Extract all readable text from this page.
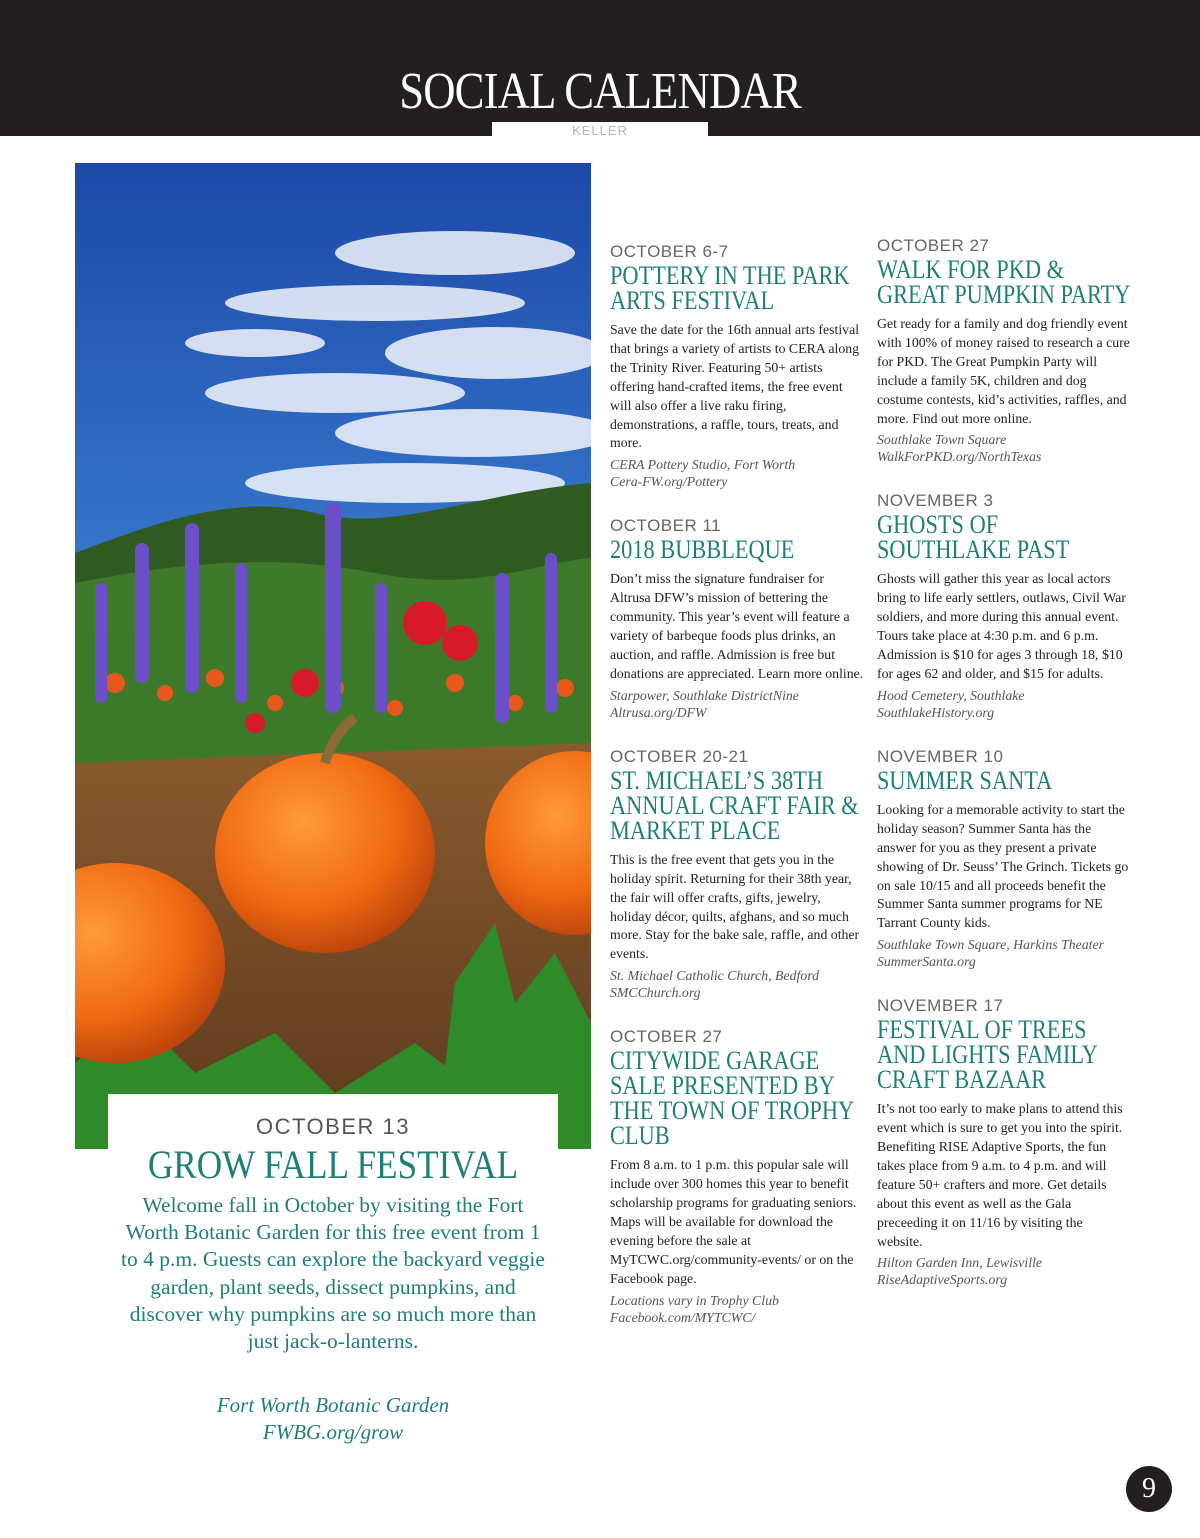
SOCIAL CALENDAR
KELLER
OCTOBER 13
GROW FALL FESTIVAL
Welcome fall in October by visiting the Fort Worth Botanic Garden for this free event from 1 to 4 p.m. Guests can explore the backyard veggie garden, plant seeds, dissect pumpkins, and discover why pumpkins are so much more than just jack-o-lanterns.
Fort Worth Botanic Garden
FWBG.org/grow
OCTOBER 6-7
POTTERY IN THE PARK ARTS FESTIVAL
Save the date for the 16th annual arts festival that brings a variety of artists to CERA along the Trinity River. Featuring 50+ artists offering hand-crafted items, the free event will also offer a live raku firing, demonstrations, a raffle, tours, treats, and more.
CERA Pottery Studio, Fort Worth
Cera-FW.org/Pottery
OCTOBER 11
2018 BUBBLEQUE
Don’t miss the signature fundraiser for Altrusa DFW’s mission of bettering the community. This year’s event will feature a variety of barbeque foods plus drinks, an auction, and raffle. Admission is free but donations are appreciated. Learn more online.
Starpower, Southlake DistrictNine
Altrusa.org/DFW
OCTOBER 20-21
ST. MICHAEL’S 38TH ANNUAL CRAFT FAIR & MARKET PLACE
This is the free event that gets you in the holiday spirit. Returning for their 38th year, the fair will offer crafts, gifts, jewelry, holiday décor, quilts, afghans, and so much more. Stay for the bake sale, raffle, and other events.
St. Michael Catholic Church, Bedford
SMCChurch.org
OCTOBER 27
CITYWIDE GARAGE SALE PRESENTED BY THE TOWN OF TROPHY CLUB
From 8 a.m. to 1 p.m. this popular sale will include over 300 homes this year to benefit scholarship programs for graduating seniors. Maps will be available for download the evening before the sale at MyTCWC.org/community-events/ or on the Facebook page.
Locations vary in Trophy Club
Facebook.com/MYTCWC/
OCTOBER 27
WALK FOR PKD & GREAT PUMPKIN PARTY
Get ready for a family and dog friendly event with 100% of money raised to research a cure for PKD. The Great Pumpkin Party will include a family 5K, children and dog costume contests, kid’s activities, raffles, and more. Find out more online.
Southlake Town Square
WalkForPKD.org/NorthTexas
NOVEMBER 3
GHOSTS OF SOUTHLAKE PAST
Ghosts will gather this year as local actors bring to life early settlers, outlaws, Civil War soldiers, and more during this annual event. Tours take place at 4:30 p.m. and 6 p.m. Admission is $10 for ages 3 through 18, $10 for ages 62 and older, and $15 for adults.
Hood Cemetery, Southlake
SouthlakeHistory.org
NOVEMBER 10
SUMMER SANTA
Looking for a memorable activity to start the holiday season? Summer Santa has the answer for you as they present a private showing of Dr. Seuss’ The Grinch. Tickets go on sale 10/15 and all proceeds benefit the Summer Santa summer programs for NE Tarrant County kids.
Southlake Town Square, Harkins Theater
SummerSanta.org
NOVEMBER 17
FESTIVAL OF TREES AND LIGHTS FAMILY CRAFT BAZAAR
It’s not too early to make plans to attend this event which is sure to get you into the spirit. Benefiting RISE Adaptive Sports, the fun takes place from 9 a.m. to 4 p.m. and will feature 50+ crafters and more. Get details about this event as well as the Gala preceeding it on 11/16 by visiting the website.
Hilton Garden Inn, Lewisville
RiseAdaptiveSports.org
9
